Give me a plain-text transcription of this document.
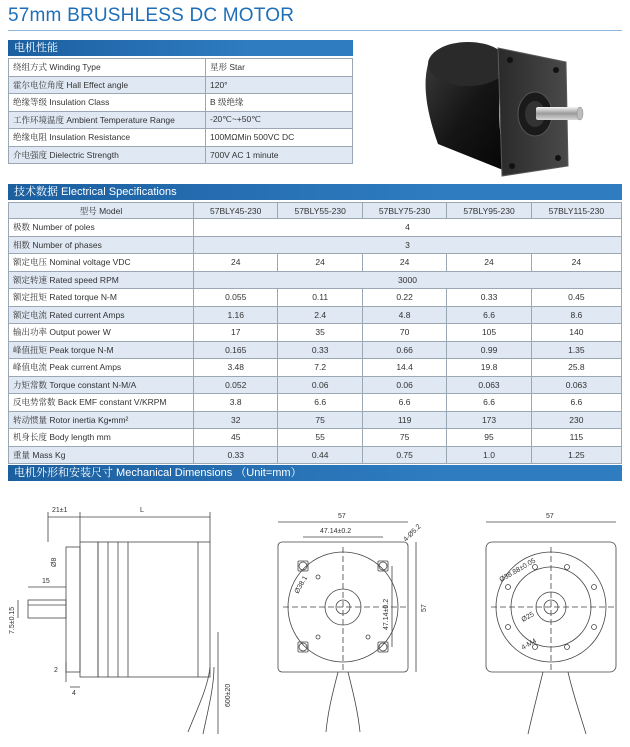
57mm BRUSHLESS DC MOTOR
电机性能
绕组方式 Winding Type	星形 Star
霍尔电位角度 Hall Effect angle	120°
绝缘等级 Insulation Class	B 级绝缘
工作环境温度 Ambient Temperature Range	-20℃~+50℃
绝缘电阻 Insulation Resistance	100MΩMin 500VC DC
介电强度 Dielectric Strength	700V AC 1 minute
技术数据 Electrical Specifications
型号 Model	57BLY45-230	57BLY55-230	57BLY75-230	57BLY95-230	57BLY115-230
极数 Number of poles	4				
相数 Number of phases	3				
额定电压 Nominal voltage VDC	24	24	24	24	24
额定转速 Rated speed RPM	3000				
额定扭矩 Rated torque N-M	0.055	0.11	0.22	0.33	0.45
额定电流 Rated current Amps	1.16	2.4	4.8	6.6	8.6
输出功率 Output power W	17	35	70	105	140
峰值扭矩 Peak torque N-M	0.165	0.33	0.66	0.99	1.35
峰值电流 Peak current Amps	3.48	7.2	14.4	19.8	25.8
力矩常数 Torque constant N-M/A	0.052	0.06	0.06	0.063	0.063
反电势常数 Back EMF constant V/KRPM	3.8	6.6	6.6	6.6	6.6
转动惯量 Rotor inertia Kg•mm²	32	75	119	173	230
机身长度 Body length mm	45	55	75	95	115
重量 Mass Kg	0.33	0.44	0.75	1.0	1.25
电机外形和安装尺寸 Mechanical Dimensions （Unit=mm）
21±1	L
Ø8
15
7.5±0.15
2
4	600±20
57
47.14±0.2
47.14±0.2	57
4-Ø5.2
Ø38.1
57
Ø38.88±0.05
Ø25
4-M4
